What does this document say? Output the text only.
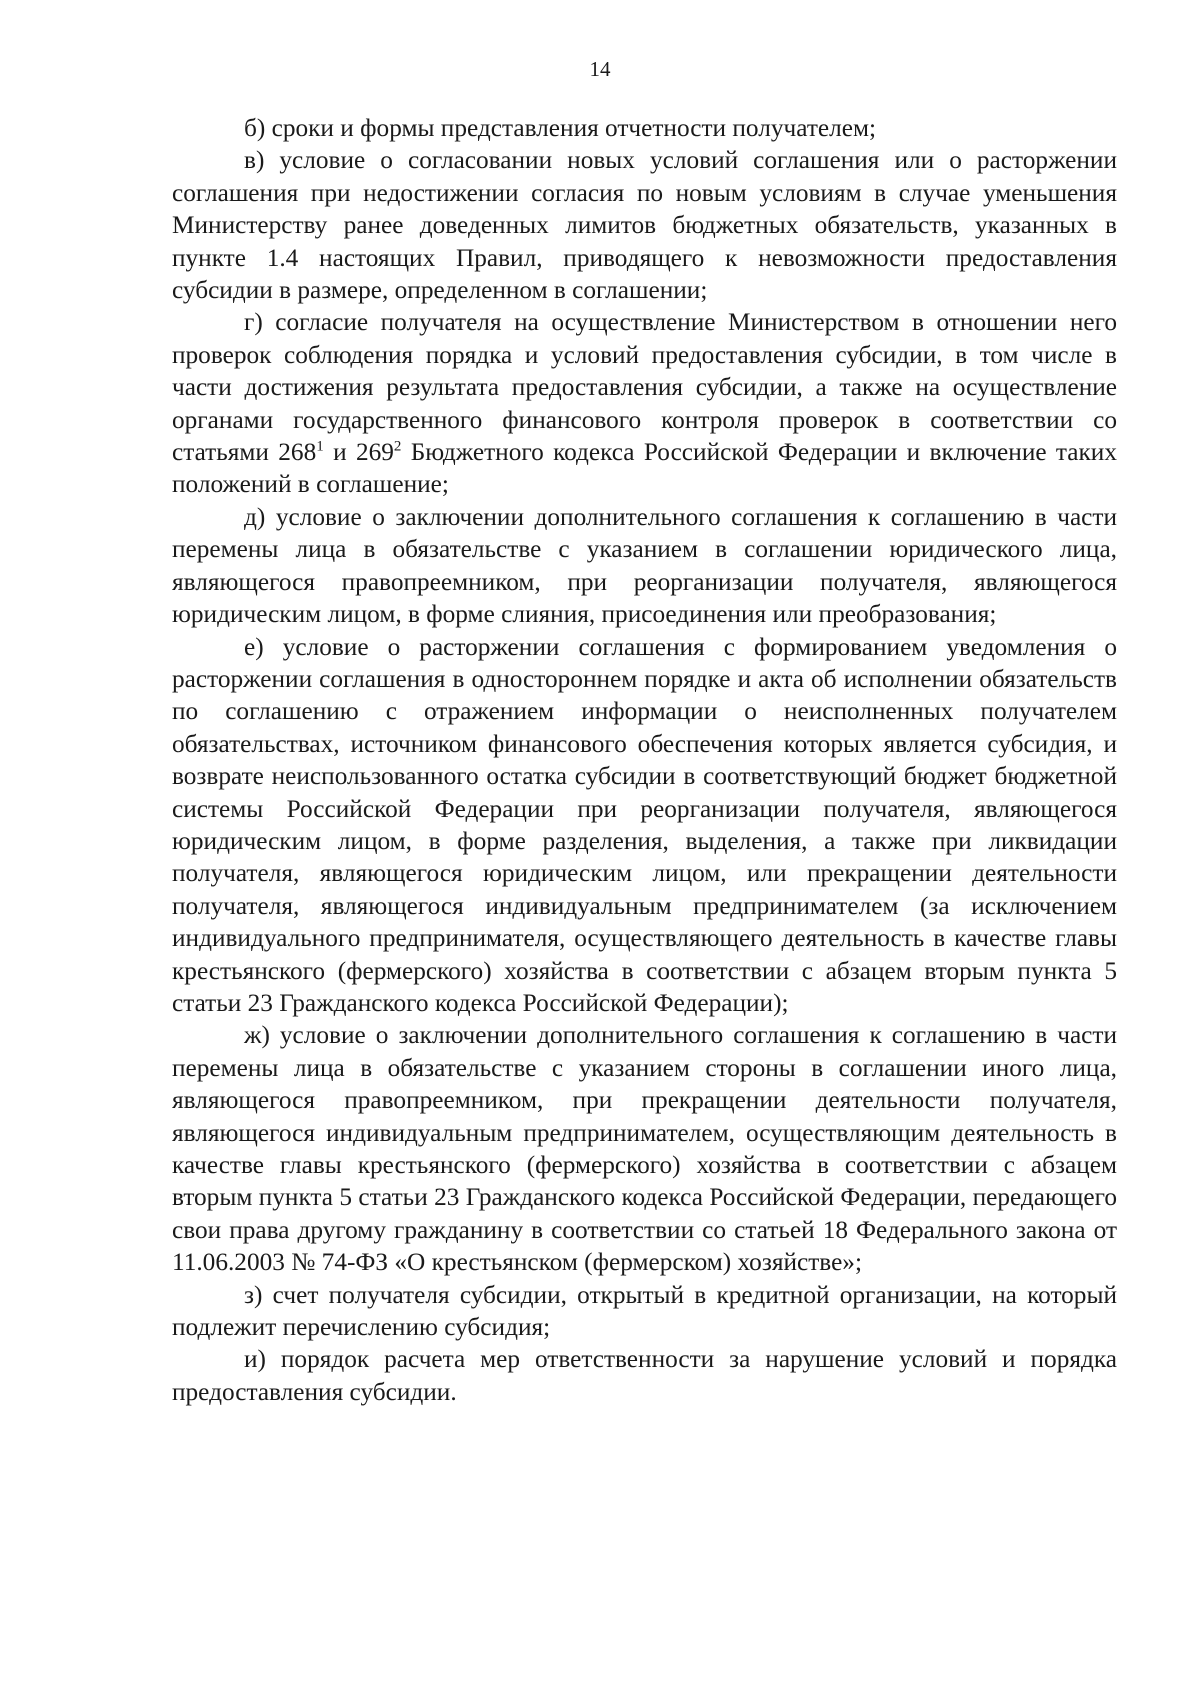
14

б) сроки и формы представления отчетности получателем;

в) условие о согласовании новых условий соглашения или о расторжении соглашения при недостижении согласия по новым условиям в случае уменьшения Министерству ранее доведенных лимитов бюджетных обязательств, указанных в пункте 1.4 настоящих Правил, приводящего к невозможности предоставления субсидии в размере, определенном в соглашении;

г) согласие получателя на осуществление Министерством в отношении него проверок соблюдения порядка и условий предоставления субсидии, в том числе в части достижения результата предоставления субсидии, а также на осуществление органами государственного финансового контроля проверок в соответствии со статьями $268^1$ и $269^2$ Бюджетного кодекса Российской Федерации и включение таких положений в соглашение;

д) условие о заключении дополнительного соглашения к соглашению в части перемены лица в обязательстве с указанием в соглашении юридического лица, являющегося правопреемником, при реорганизации получателя, являющегося юридическим лицом, в форме слияния, присоединения или преобразования;

е) условие о расторжении соглашения с формированием уведомления о расторжении соглашения в одностороннем порядке и акта об исполнении обязательств по соглашению с отражением информации о неисполненных получателем обязательствах, источником финансового обеспечения которых является субсидия, и возврате неиспользованного остатка субсидии в соответствующий бюджет бюджетной системы Российской Федерации при реорганизации получателя, являющегося юридическим лицом, в форме разделения, выделения, а также при ликвидации получателя, являющегося юридическим лицом, или прекращении деятельности получателя, являющегося индивидуальным предпринимателем (за исключением индивидуального предпринимателя, осуществляющего деятельность в качестве главы крестьянского (фермерского) хозяйства в соответствии с абзацем вторым пункта 5 статьи 23 Гражданского кодекса Российской Федерации);

ж) условие о заключении дополнительного соглашения к соглашению в части перемены лица в обязательстве с указанием стороны в соглашении иного лица, являющегося правопреемником, при прекращении деятельности получателя, являющегося индивидуальным предпринимателем, осуществляющим деятельность в качестве главы крестьянского (фермерского) хозяйства в соответствии с абзацем вторым пункта 5 статьи 23 Гражданского кодекса Российской Федерации, передающего свои права другому гражданину в соответствии со статьей 18 Федерального закона от 11.06.2003 № 74-ФЗ «О крестьянском (фермерском) хозяйстве»;

з) счет получателя субсидии, открытый в кредитной организации, на который подлежит перечислению субсидия;

и) порядок расчета мер ответственности за нарушение условий и порядка предоставления субсидии.
